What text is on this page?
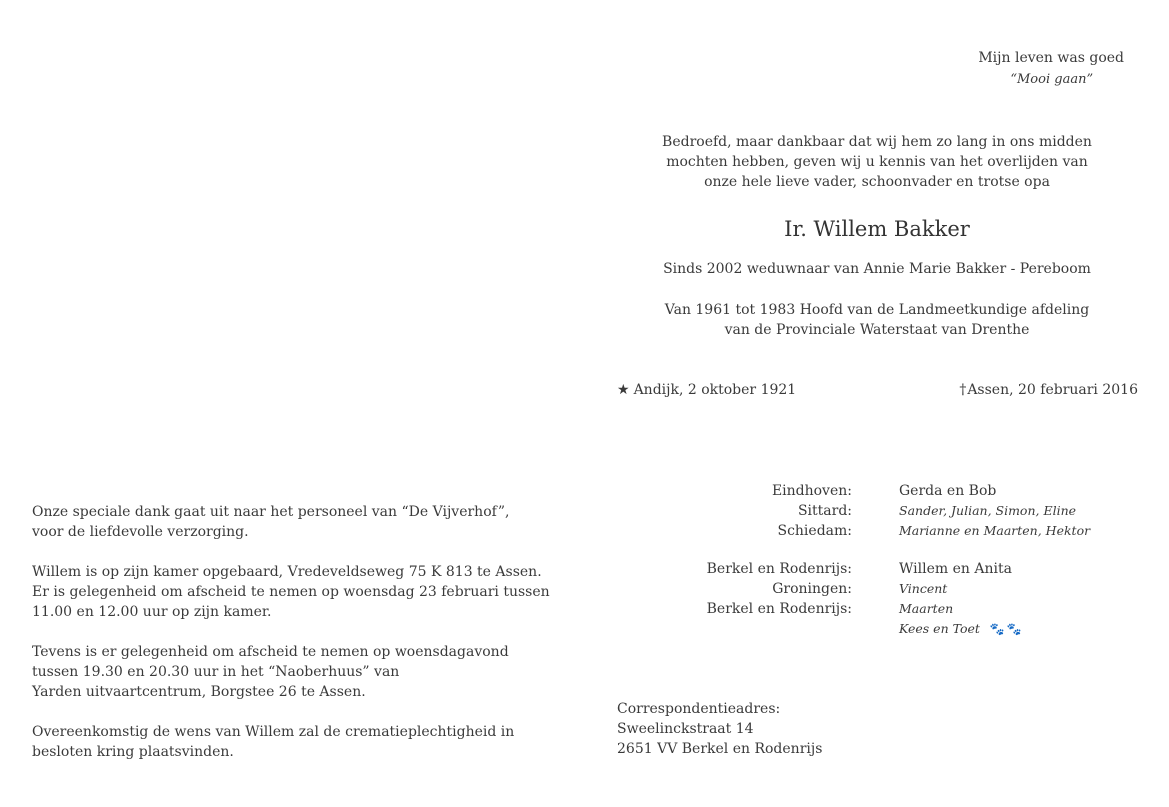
Mijn leven was goed
“Mooi gaan”
Bedroefd, maar dankbaar dat wij hem zo lang in ons midden
mochten hebben, geven wij u kennis van het overlijden van
onze hele lieve vader, schoonvader en trotse opa
Ir. Willem Bakker
Sinds 2002 weduwnaar van Annie Marie Bakker - Pereboom
Van 1961 tot 1983 Hoofd van de Landmeetkundige afdeling
van de Provinciale Waterstaat van Drenthe
★ Andijk, 2 oktober 1921	†Assen, 20 februari 2016
Eindhoven:
Sittard:
Schiedam:
Berkel en Rodenrijs:
Groningen:
Berkel en Rodenrijs:
Gerda en Bob
Sander, Julian, Simon, Eline
Marianne en Maarten, Hektor
Willem en Anita
Vincent
Maarten
Kees en Toet 🐾🐾
Correspondentieadres:
Sweelinckstraat 14
2651 VV Berkel en Rodenrijs
Onze speciale dank gaat uit naar het personeel van “De Vijverhof”,
voor de liefdevolle verzorging.
Willem is op zijn kamer opgebaard, Vredeveldseweg 75 K 813 te Assen.
Er is gelegenheid om afscheid te nemen op woensdag 23 februari tussen
11.00 en 12.00 uur op zijn kamer.
Tevens is er gelegenheid om afscheid te nemen op woensdagavond
tussen 19.30 en 20.30 uur in het “Naoberhuus” van
Yarden uitvaartcentrum, Borgstee 26 te Assen.
Overeenkomstig de wens van Willem zal de crematieplechtigheid in
besloten kring plaatsvinden.
